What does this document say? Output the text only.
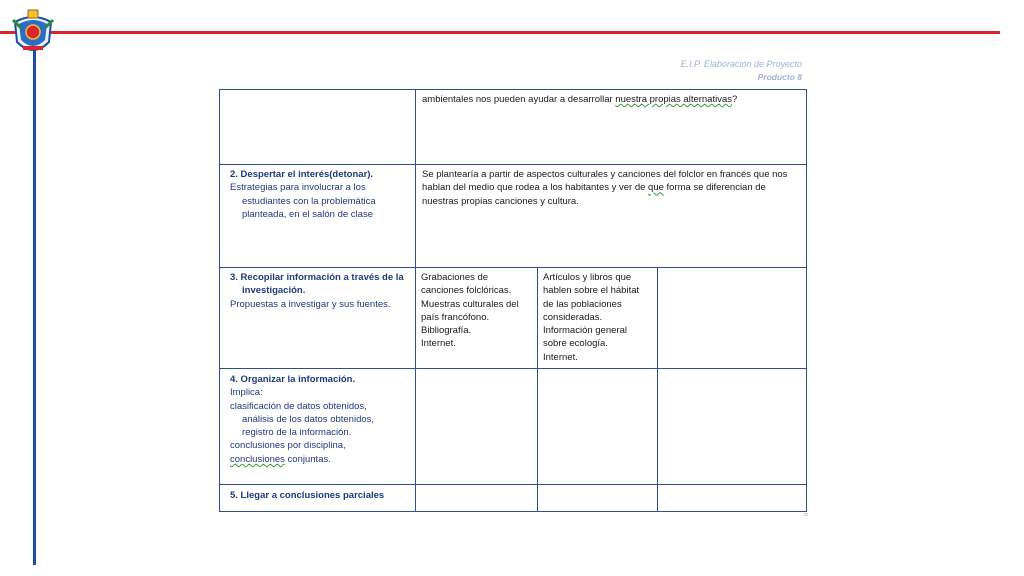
E.I.P. Elaboración de Proyecto
Producto 8
ambientales nos pueden ayudar a desarrollar nuestra propias alternativas?
2. Despertar el interés(detonar).
Estrategias para involucrar a los
estudiantes con la problemática
planteada, en el salón de clase
Se plantearía a partir de aspectos culturales y canciones del folclor en francés que nos hablan del medio que rodea a los habitantes y ver de que forma se diferencian de nuestras propias canciones y cultura.
3. Recopilar información a través de la
investigación.
Propuestas a investigar y sus fuentes.
Grabaciones de
canciones folclóricas.
Muestras culturales del
país francófono.
Bibliografía.
Internet.
Artículos y libros que
hablen sobre el hábitat
de las poblaciones
consideradas.
Información general
sobre ecología.
Internet.
4. Organizar la información.
Implica:
clasificación de datos obtenidos,
análisis de los datos obtenidos,
registro de la información.
conclusiones por disciplina,
conclusiones conjuntas.
5. Llegar a conclusiones parciales
¤
